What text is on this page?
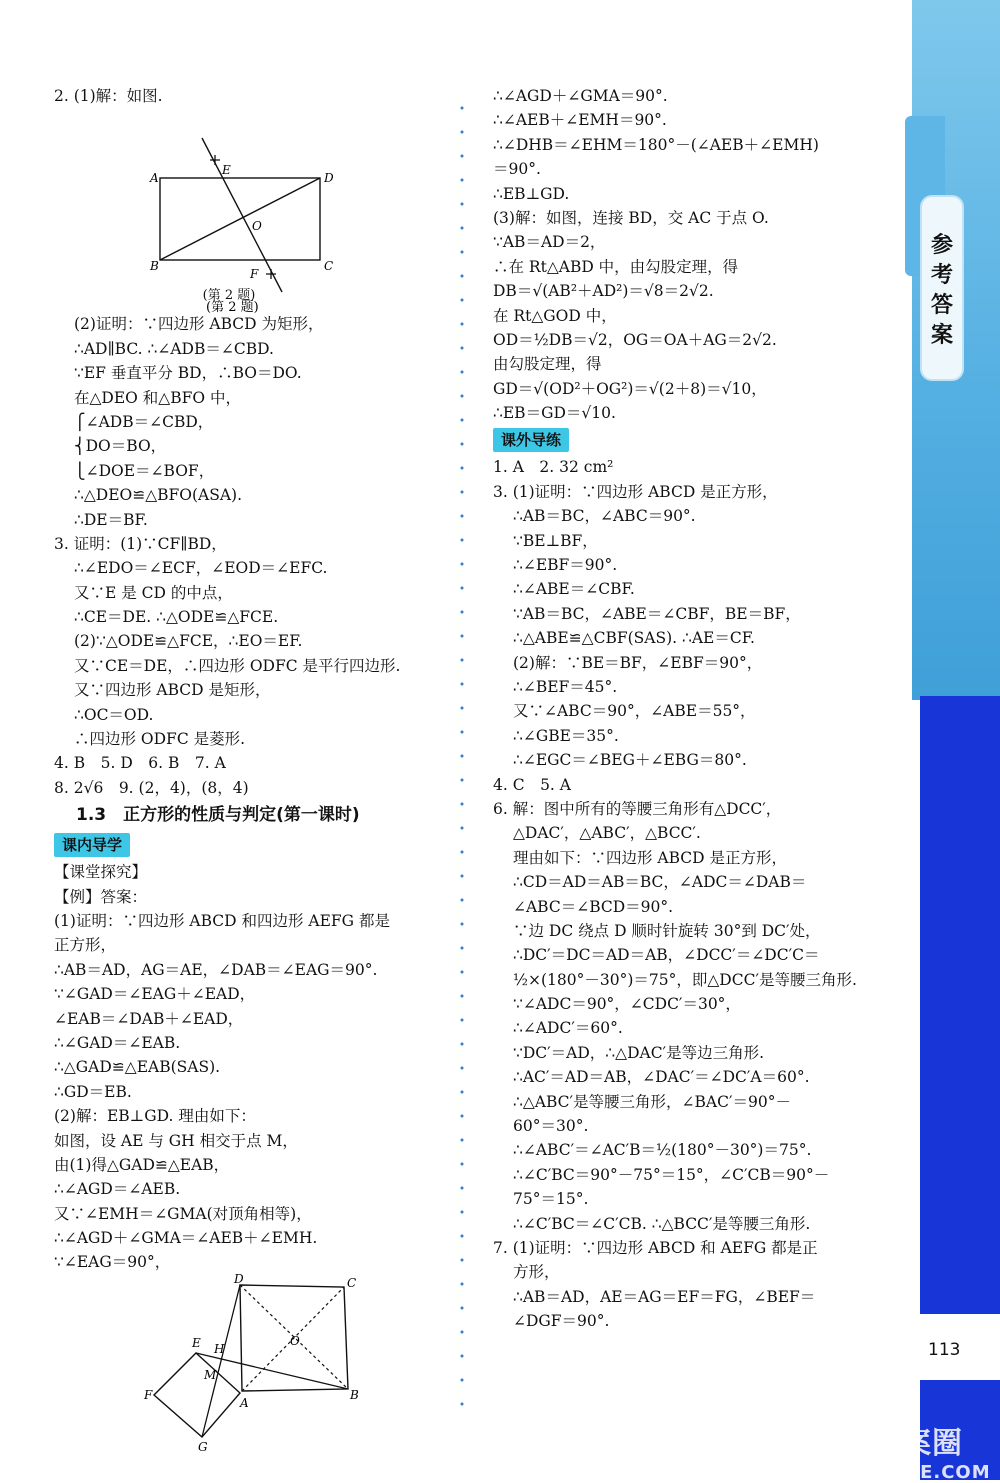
参考答案
113
答案圈
MXQE.COM
2. (1)解：如图.
A
B	C
D
E
F
O
(第 2 题)
(第 2 题)
(2)证明：∵四边形 ABCD 为矩形，
∴AD∥BC. ∴∠ADB＝∠CBD.
∵EF 垂直平分 BD，∴BO＝DO.
在△DEO 和△BFO 中，
⎧∠ADB＝∠CBD，
⎨DO＝BO，
⎩∠DOE＝∠BOF，
∴△DEO≌△BFO(ASA).
∴DE＝BF.
3. 证明：(1)∵CF∥BD，
∴∠EDO＝∠ECF，∠EOD＝∠EFC.
又∵E 是 CD 的中点，
∴CE＝DE. ∴△ODE≌△FCE.
(2)∵△ODE≌△FCE，∴EO＝EF.
又∵CE＝DE，∴四边形 ODFC 是平行四边形.
又∵四边形 ABCD 是矩形，
∴OC＝OD.
∴四边形 ODFC 是菱形.
4. B　5. D　6. B　7. A
8. 2√6　9. (2，4)，(8，4)
1.3　正方形的性质与判定(第一课时)
课内导学
【课堂探究】
【例】答案：
(1)证明：∵四边形 ABCD 和四边形 AEFG 都是
正方形，
∴AB＝AD，AG＝AE，∠DAB＝∠EAG＝90°.
∵∠GAD＝∠EAG＋∠EAD，
∠EAB＝∠DAB＋∠EAD，
∴∠GAD＝∠EAB.
∴△GAD≌△EAB(SAS).
∴GD＝EB.
(2)解：EB⊥GD. 理由如下：
如图，设 AE 与 GH 相交于点 M，
由(1)得△GAD≌△EAB，
∴∠AGD＝∠AEB.
又∵∠EMH＝∠GMA(对顶角相等)，
∴∠AGD＋∠GMA＝∠AEB＋∠EMH.
∵∠EAG＝90°，
D	C
B
A
E
F
G
H
M
O
∴∠AGD＋∠GMA＝90°.
∴∠AEB＋∠EMH＝90°.
∴∠DHB＝∠EHM＝180°－(∠AEB＋∠EMH)
＝90°.
∴EB⊥GD.
(3)解：如图，连接 BD，交 AC 于点 O.
∵AB＝AD＝2，
∴在 Rt△ABD 中，由勾股定理，得
DB＝√(AB²＋AD²)＝√8＝2√2.
在 Rt△GOD 中，
OD＝½DB＝√2，OG＝OA＋AG＝2√2.
由勾股定理，得
GD＝√(OD²＋OG²)＝√(2＋8)＝√10，
∴EB＝GD＝√10.
课外导练
1. A　2. 32 cm²
3. (1)证明：∵四边形 ABCD 是正方形，
∴AB＝BC，∠ABC＝90°.
∵BE⊥BF，
∴∠EBF＝90°.
∴∠ABE＝∠CBF.
∵AB＝BC，∠ABE＝∠CBF，BE＝BF，
∴△ABE≌△CBF(SAS). ∴AE＝CF.
(2)解：∵BE＝BF，∠EBF＝90°，
∴∠BEF＝45°.
又∵∠ABC＝90°，∠ABE＝55°，
∴∠GBE＝35°.
∴∠EGC＝∠BEG＋∠EBG＝80°.
4. C　5. A
6. 解：图中所有的等腰三角形有△DCC′，
△DAC′，△ABC′，△BCC′.
理由如下：∵四边形 ABCD 是正方形，
∴CD＝AD＝AB＝BC，∠ADC＝∠DAB＝
∠ABC＝∠BCD＝90°.
∵边 DC 绕点 D 顺时针旋转 30°到 DC′处，
∴DC′＝DC＝AD＝AB，∠DCC′＝∠DC′C＝
½×(180°－30°)＝75°，即△DCC′是等腰三角形.
∵∠ADC＝90°，∠CDC′＝30°，
∴∠ADC′＝60°.
∵DC′＝AD，∴△DAC′是等边三角形.
∴AC′＝AD＝AB，∠DAC′＝∠DC′A＝60°.
∴△ABC′是等腰三角形，∠BAC′＝90°－
60°＝30°.
∴∠ABC′＝∠AC′B＝½(180°－30°)＝75°.
∴∠C′BC＝90°－75°＝15°，∠C′CB＝90°－
75°＝15°.
∴∠C′BC＝∠C′CB. ∴△BCC′是等腰三角形.
7. (1)证明：∵四边形 ABCD 和 AEFG 都是正
方形，
∴AB＝AD，AE＝AG＝EF＝FG，∠BEF＝
∠DGF＝90°.
